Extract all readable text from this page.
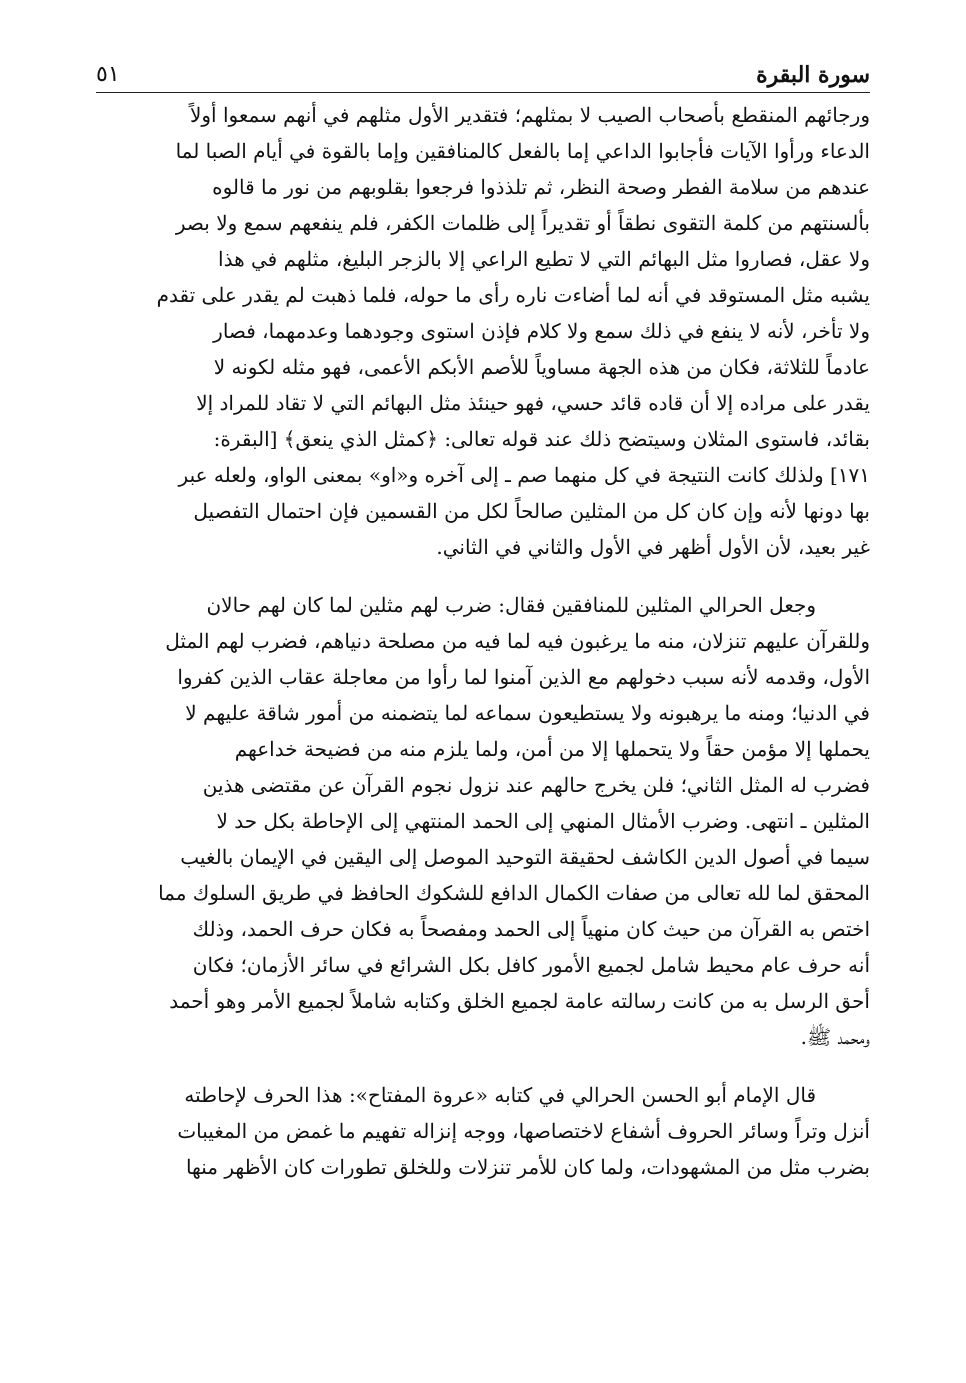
سورة البقرة
٥١
ورجائهم المنقطع بأصحاب الصيب لا بمثلهم؛ فتقدير الأول مثلهم في أنهم سمعوا أولاً
الدعاء ورأوا الآيات فأجابوا الداعي إما بالفعل كالمنافقين وإما بالقوة في أيام الصبا لما
عندهم من سلامة الفطر وصحة النظر، ثم تلذذوا فرجعوا بقلوبهم من نور ما قالوه
بألسنتهم من كلمة التقوى نطقاً أو تقديراً إلى ظلمات الكفر، فلم ينفعهم سمع ولا بصر
ولا عقل، فصاروا مثل البهائم التي لا تطيع الراعي إلا بالزجر البليغ، مثلهم في هذا
يشبه مثل المستوقد في أنه لما أضاءت ناره رأى ما حوله، فلما ذهبت لم يقدر على تقدم
ولا تأخر، لأنه لا ينفع في ذلك سمع ولا كلام فإذن استوى وجودهما وعدمهما، فصار
عادماً للثلاثة، فكان من هذه الجهة مساوياً للأصم الأبكم الأعمى، فهو مثله لكونه لا
يقدر على مراده إلا أن قاده قائد حسي، فهو حينئذ مثل البهائم التي لا تقاد للمراد إلا
بقائد، فاستوى المثلان وسيتضح ذلك عند قوله تعالى: ﴿كمثل الذي ينعق﴾ [البقرة:
١٧١] ولذلك كانت النتيجة في كل منهما صم ـ إلى آخره و«او» بمعنى الواو، ولعله عبر
بها دونها لأنه وإن كان كل من المثلين صالحاً لكل من القسمين فإن احتمال التفصيل
غير بعيد، لأن الأول أظهر في الأول والثاني في الثاني.
وجعل الحرالي المثلين للمنافقين فقال: ضرب لهم مثلين لما كان لهم حالان
وللقرآن عليهم تنزلان، منه ما يرغبون فيه لما فيه من مصلحة دنياهم، فضرب لهم المثل
الأول، وقدمه لأنه سبب دخولهم مع الذين آمنوا لما رأوا من معاجلة عقاب الذين كفروا
في الدنيا؛ ومنه ما يرهبونه ولا يستطيعون سماعه لما يتضمنه من أمور شاقة عليهم لا
يحملها إلا مؤمن حقاً ولا يتحملها إلا من أمن، ولما يلزم منه من فضيحة خداعهم
فضرب له المثل الثاني؛ فلن يخرج حالهم عند نزول نجوم القرآن عن مقتضى هذين
المثلين ـ انتهى. وضرب الأمثال المنهي إلى الحمد المنتهي إلى الإحاطة بكل حد لا
سيما في أصول الدين الكاشف لحقيقة التوحيد الموصل إلى اليقين في الإيمان بالغيب
المحقق لما لله تعالى من صفات الكمال الدافع للشكوك الحافظ في طريق السلوك مما
اختص به القرآن من حيث كان منهياً إلى الحمد ومفصحاً به فكان حرف الحمد، وذلك
أنه حرف عام محيط شامل لجميع الأمور كافل بكل الشرائع في سائر الأزمان؛ فكان
أحق الرسل به من كانت رسالته عامة لجميع الخلق وكتابه شاملاً لجميع الأمر وهو أحمد
ومحمد ﷺ.
قال الإمام أبو الحسن الحرالي في كتابه «عروة المفتاح»: هذا الحرف لإحاطته
أنزل وتراً وسائر الحروف أشفاع لاختصاصها، ووجه إنزاله تفهيم ما غمض من المغيبات
بضرب مثل من المشهودات، ولما كان للأمر تنزلات وللخلق تطورات كان الأظهر منها
